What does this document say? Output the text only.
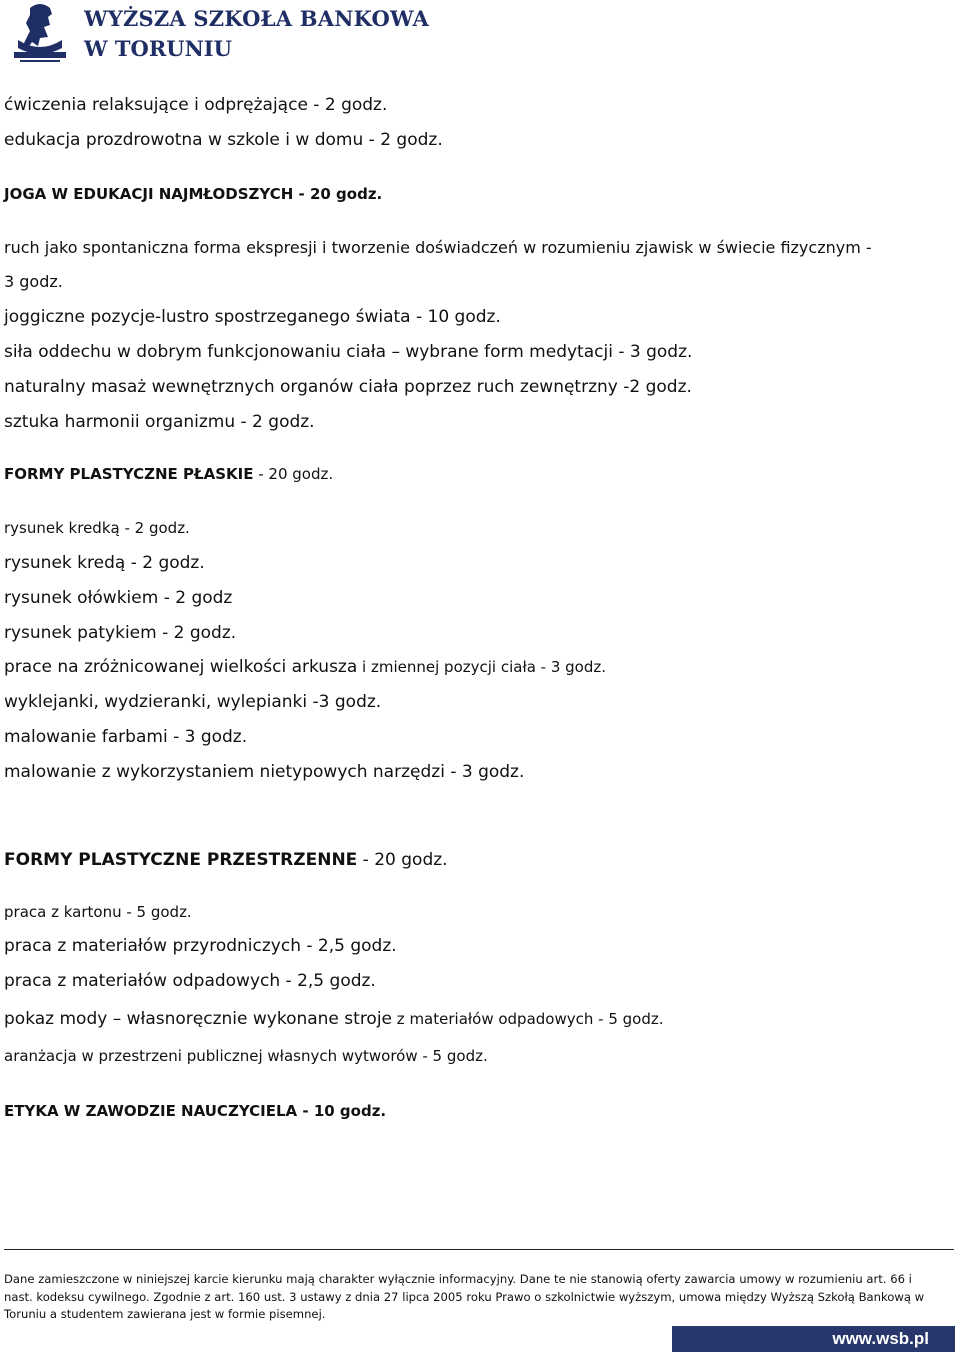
WYŻSZA SZKOŁA BANKOWA
W TORUNIU
ćwiczenia relaksujące i odprężające - 2 godz.
edukacja prozdrowotna w szkole i w domu - 2 godz.
JOGA W EDUKACJI NAJMŁODSZYCH - 20 godz.
ruch jako spontaniczna forma ekspresji i tworzenie doświadczeń w rozumieniu zjawisk w świecie fizycznym -
3 godz.
joggiczne pozycje-lustro spostrzeganego świata - 10 godz.
siła oddechu w dobrym funkcjonowaniu ciała – wybrane form medytacji - 3 godz.
naturalny masaż wewnętrznych organów ciała poprzez ruch zewnętrzny -2 godz.
sztuka harmonii organizmu - 2 godz.
FORMY PLASTYCZNE PŁASKIE - 20 godz.
rysunek kredką - 2 godz.
rysunek kredą - 2 godz.
rysunek ołówkiem - 2 godz
rysunek patykiem - 2 godz.
prace na zróżnicowanej wielkości arkusza i zmiennej pozycji ciała - 3 godz.
wyklejanki, wydzieranki, wylepianki -3 godz.
malowanie farbami - 3 godz.
malowanie z wykorzystaniem nietypowych narzędzi - 3 godz.
FORMY PLASTYCZNE PRZESTRZENNE - 20 godz.
praca z kartonu - 5 godz.
praca z materiałów przyrodniczych - 2,5 godz.
praca z materiałów odpadowych - 2,5 godz.
pokaz mody – własnoręcznie wykonane stroje z materiałów odpadowych - 5 godz.
aranżacja w przestrzeni publicznej własnych wytworów - 5 godz.
ETYKA W ZAWODZIE NAUCZYCIELA - 10 godz.
Dane zamieszczone w niniejszej karcie kierunku mają charakter wyłącznie informacyjny. Dane te nie stanowią oferty zawarcia umowy w rozumieniu art. 66 i nast. kodeksu cywilnego. Zgodnie z art. 160 ust. 3 ustawy z dnia 27 lipca 2005 roku Prawo o szkolnictwie wyższym, umowa między Wyższą Szkołą Bankową w Toruniu a studentem zawierana jest w formie pisemnej.
www.wsb.pl
